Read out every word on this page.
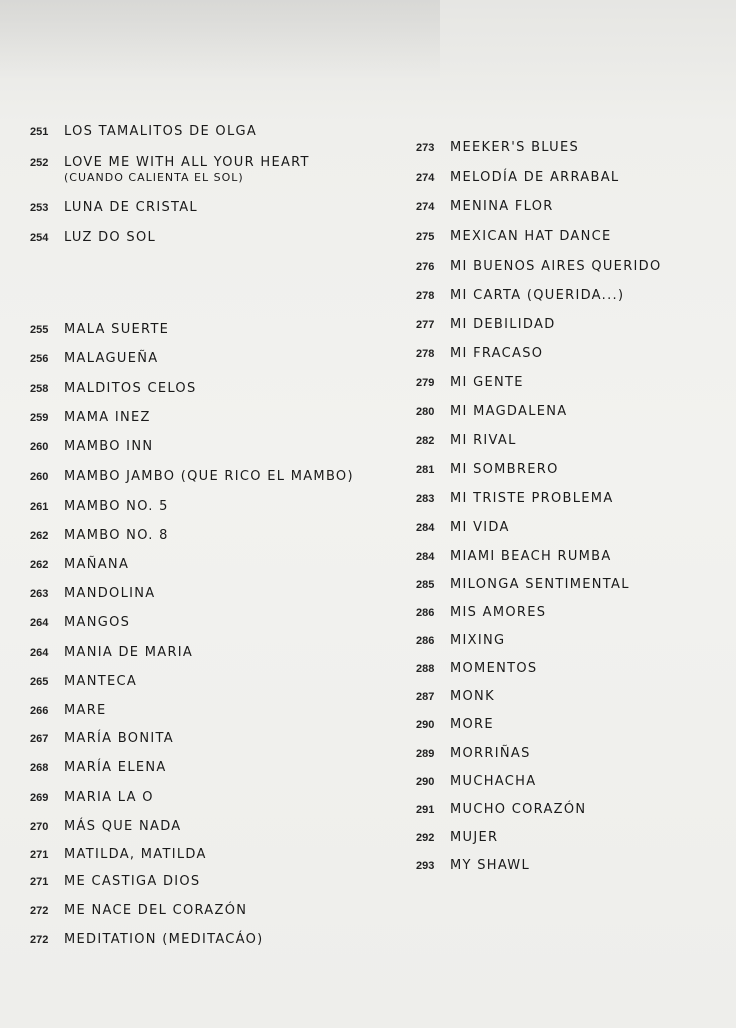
251 LOS TAMALITOS DE OLGA
252 LOVE ME WITH ALL YOUR HEART
(CUANDO CALIENTA EL SOL)
253 LUNA DE CRISTAL
254 LUZ DO SOL
255 MALA SUERTE
256 MALAGUEÑA
258 MALDITOS CELOS
259 MAMA INEZ
260 MAMBO INN
260 MAMBO JAMBO (QUE RICO EL MAMBO)
261 MAMBO NO. 5
262 MAMBO NO. 8
262 MAÑANA
263 MANDOLINA
264 MANGOS
264 MANIA DE MARIA
265 MANTECA
266 MARE
267 MARÍA BONITA
268 MARÍA ELENA
269 MARIA LA O
270 MÁS QUE NADA
271 MATILDA, MATILDA
271 ME CASTIGA DIOS
272 ME NACE DEL CORAZÓN
272 MEDITATION (MEDITACÁO)
273 MEEKER'S BLUES
274 MELODÍA DE ARRABAL
274 MENINA FLOR
275 MEXICAN HAT DANCE
276 MI BUENOS AIRES QUERIDO
278 MI CARTA (QUERIDA...)
277 MI DEBILIDAD
278 MI FRACASO
279 MI GENTE
280 MI MAGDALENA
282 MI RIVAL
281 MI SOMBRERO
283 MI TRISTE PROBLEMA
284 MI VIDA
284 MIAMI BEACH RUMBA
285 MILONGA SENTIMENTAL
286 MIS AMORES
286 MIXING
288 MOMENTOS
287 MONK
290 MORE
289 MORRIÑAS
290 MUCHACHA
291 MUCHO CORAZÓN
292 MUJER
293 MY SHAWL
